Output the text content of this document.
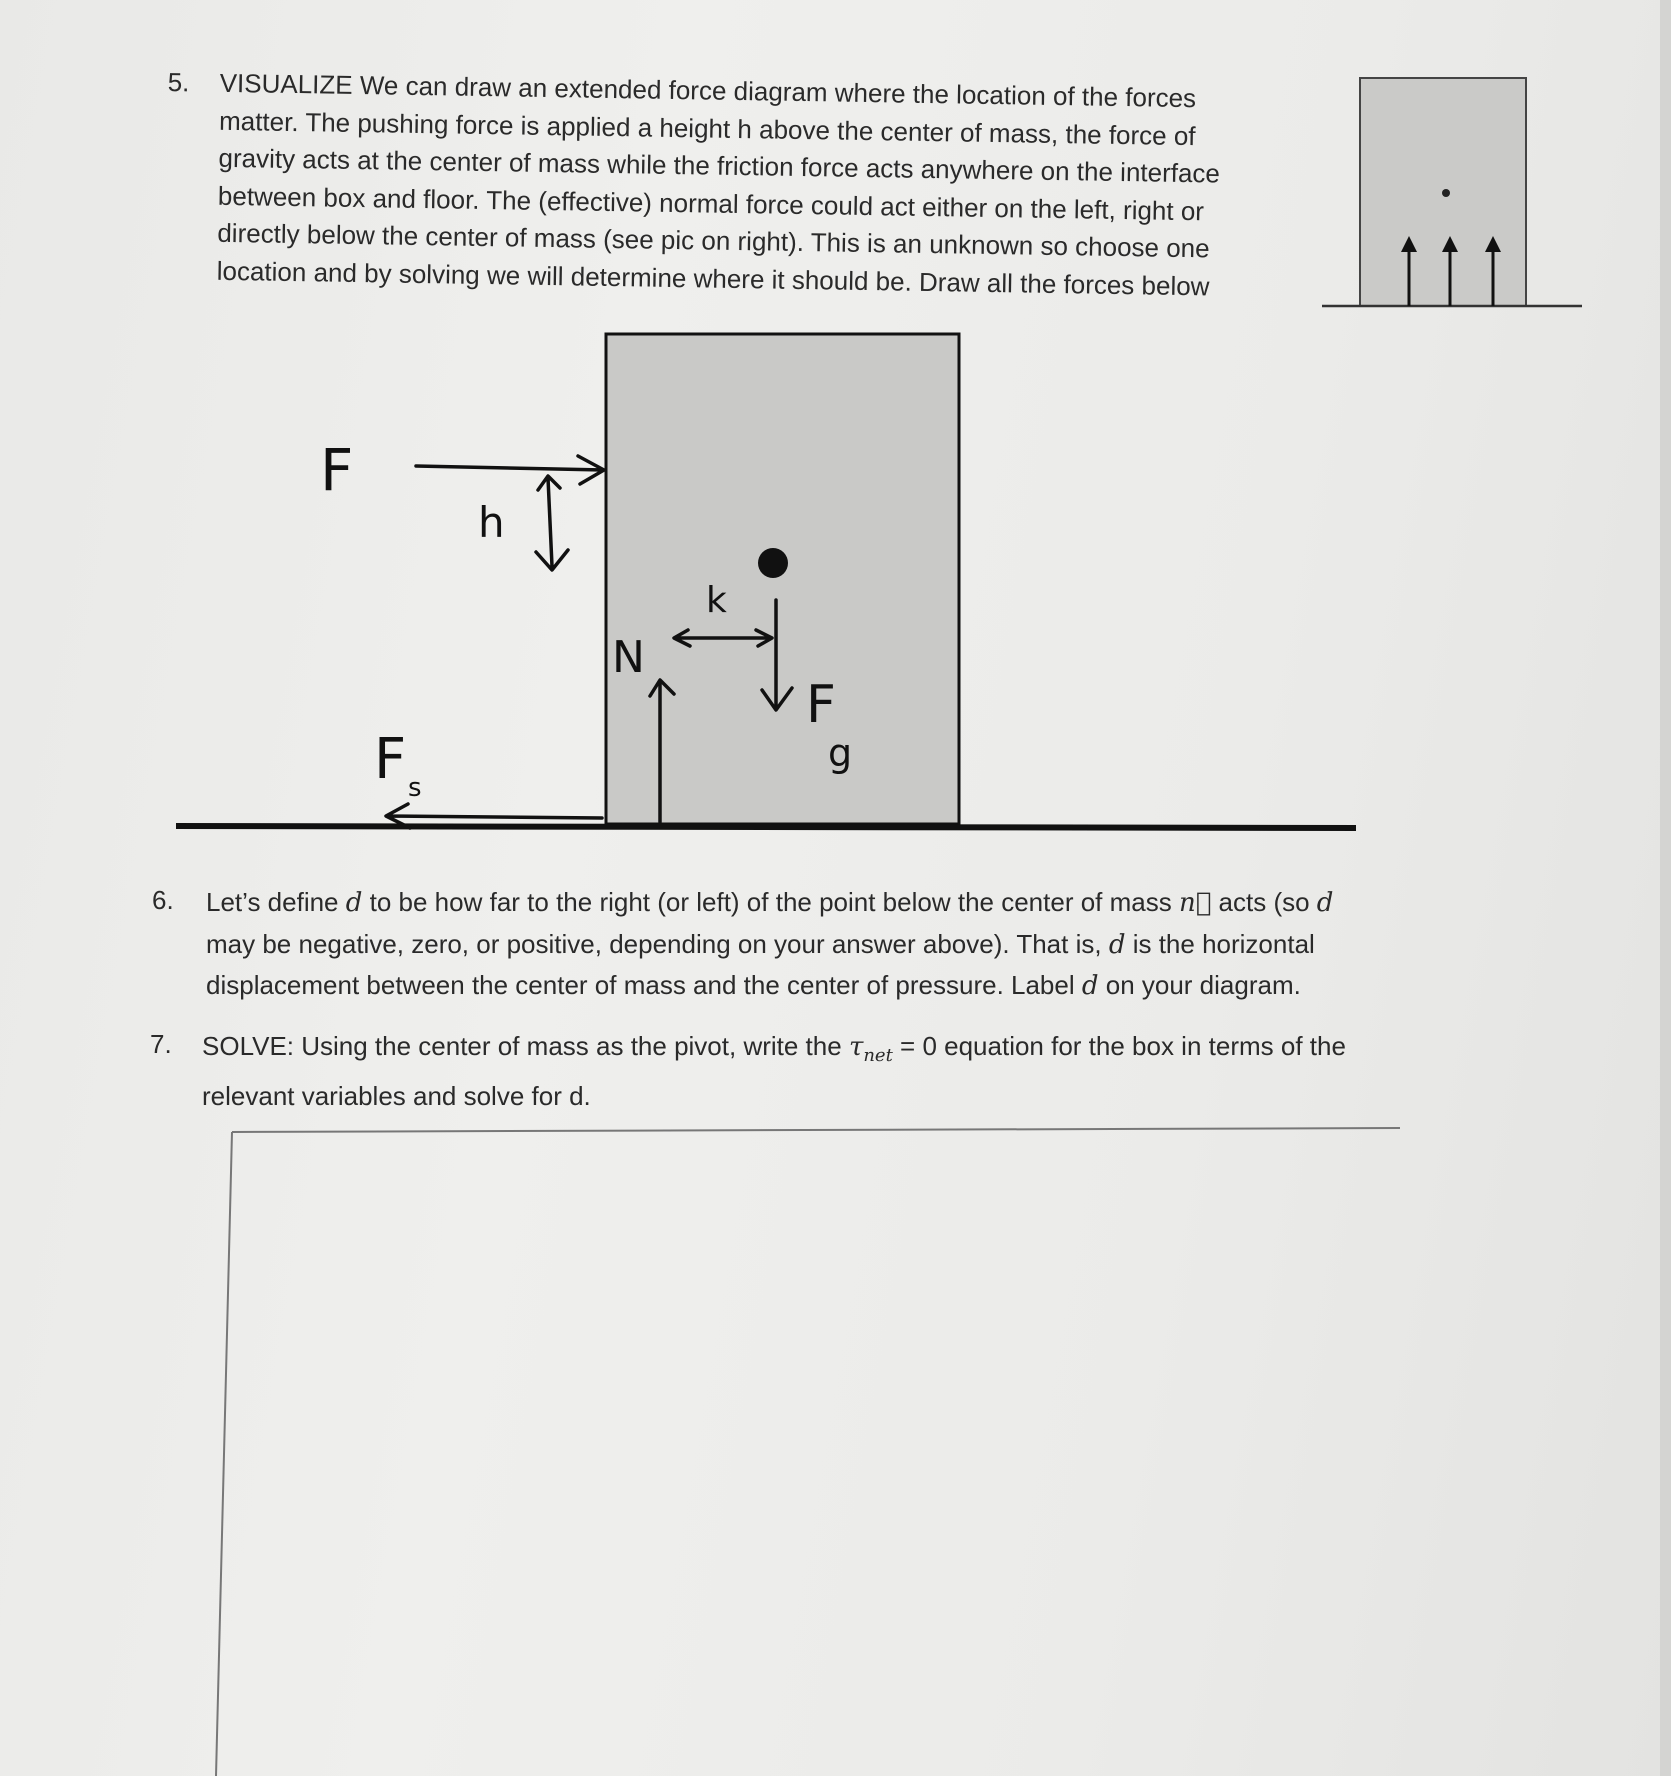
5. VISUALIZE We can draw an extended force diagram where the location of the forces
matter. The pushing force is applied a height h above the center of mass, the force of
gravity acts at the center of mass while the friction force acts anywhere on the interface
between box and floor. The (effective) normal force could act either on the left, right or
directly below the center of mass (see pic on right). This is an unknown so choose one
location and by solving we will determine where it should be. Draw all the forces below
F
h
k
N
F
g
F s
6. Let’s define d to be how far to the right (or left) of the point below the center of mass n⃗ acts (so d
may be negative, zero, or positive, depending on your answer above). That is, d is the horizontal
displacement between the center of mass and the center of pressure. Label d on your diagram.
7. SOLVE: Using the center of mass as the pivot, write the $\tau_{net} = 0$ equation for the box in terms of the
relevant variables and solve for d.
